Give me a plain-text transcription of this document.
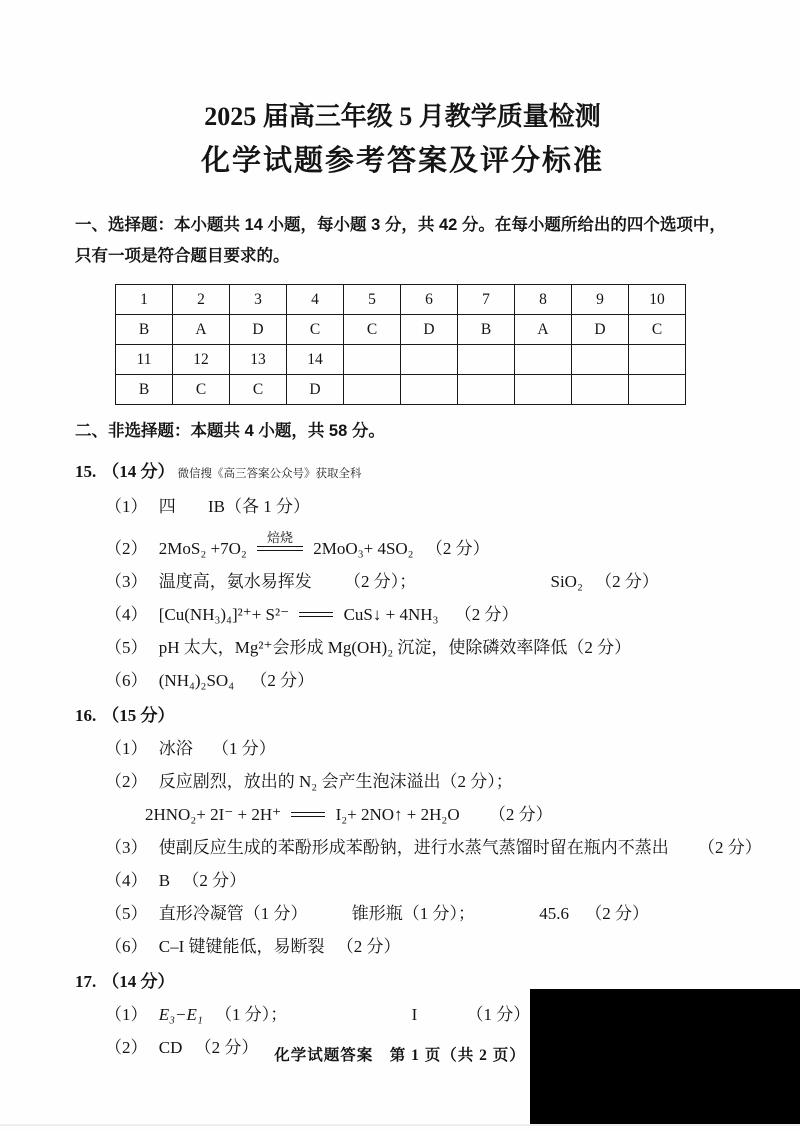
2025 届高三年级 5 月教学质量检测
化学试题参考答案及评分标准
一、选择题：本小题共 14 小题，每小题 3 分，共 42 分。在每小题所给出的四个选项中，只有一项是符合题目要求的。
1	2	3	4	5	6	7	8	9	10
B	A	D	C	C	D	B	A	D	C
11	12	13	14						
B	C	C	D						
二、非选择题：本题共 4 小题，共 58 分。
15. （14 分） 微信搜《高三答案公众号》获取全科
（1） 四 IB（各 1 分）
（2） 2MoS₂ +7O₂
焙烧
2MoO₃+ 4SO₂ （2 分）
（3） 温度高，氨水易挥发 （2 分）；	SiO₂ （2 分）
（4） [Cu(NH₃)₄]²⁺+ S²⁻	CuS↓ + 4NH₃ （2 分）
（5） pH 太大，Mg²⁺会形成 Mg(OH)₂ 沉淀，使除磷效率降低（2 分）
（6） (NH₄)₂SO₄ （2 分）
16. （15 分）
（1） 冰浴 （1 分）
（2） 反应剧烈，放出的 N₂ 会产生泡沫溢出（2 分）；
2HNO₂+ 2I⁻ + 2H⁺	I₂+ 2NO↑ + 2H₂O （2 分）
（3） 使副反应生成的苯酚形成苯酚钠，进行水蒸气蒸馏时留在瓶内不蒸出 （2 分）
（4） B （2 分）
（5） 直形冷凝管（1 分）	锥形瓶（1 分）；	45.6 （2 分）
（6） C–I 键键能低，易断裂 （2 分）
17. （14 分）
（1） E₃−E₁ （1 分）；	I	（1 分）
（2） CD （2 分）	化学试题答案　第 1 页（共 2 页）
